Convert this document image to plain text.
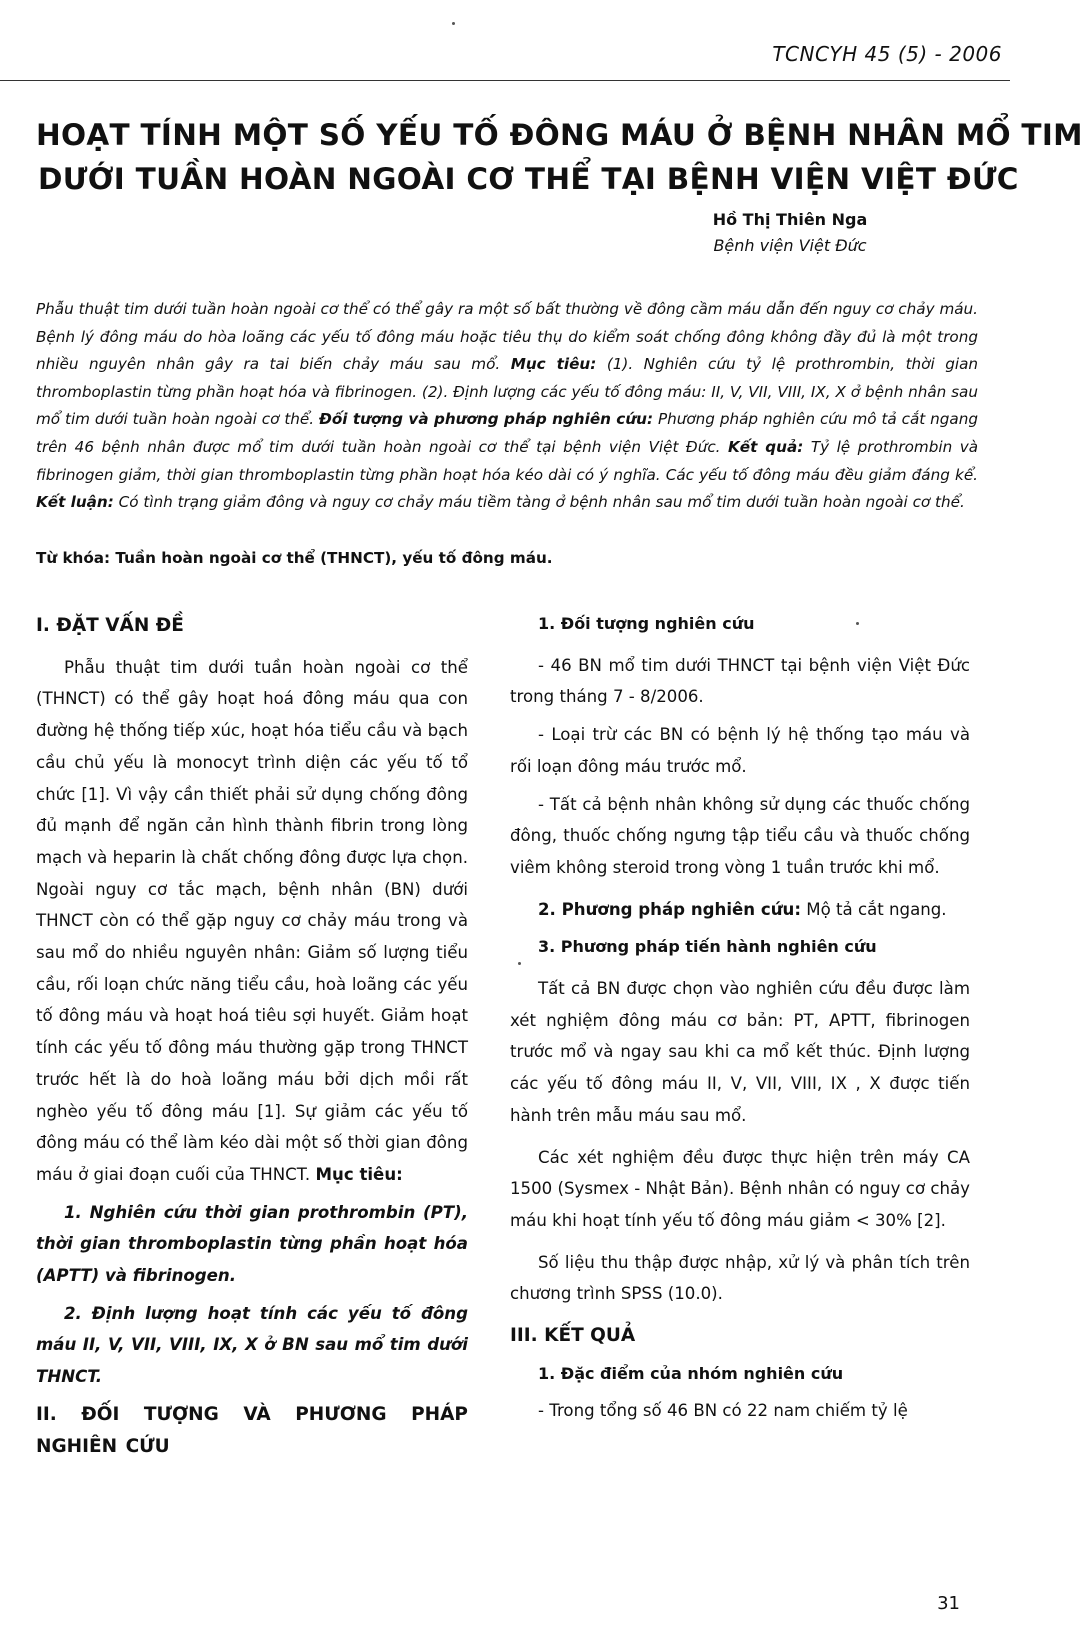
TCNCYH 45 (5) - 2006
HOẠT TÍNH MỘT SỐ YẾU TỐ ĐÔNG MÁU Ở BỆNH NHÂN MỔ TIM
DƯỚI TUẦN HOÀN NGOÀI CƠ THỂ TẠI BỆNH VIỆN VIỆT ĐỨC
Hồ Thị Thiên Nga
Bệnh viện Việt Đức
Phẫu thuật tim dưới tuần hoàn ngoài cơ thể có thể gây ra một số bất thường về đông cầm máu dẫn đến nguy cơ chảy máu. Bệnh lý đông máu do hòa loãng các yếu tố đông máu hoặc tiêu thụ do kiểm soát chống đông không đầy đủ là một trong nhiều nguyên nhân gây ra tai biến chảy máu sau mổ. Mục tiêu: (1). Nghiên cứu tỷ lệ prothrombin, thời gian thromboplastin từng phần hoạt hóa và fibrinogen. (2). Định lượng các yếu tố đông máu: II, V, VII, VIII, IX, X ở bệnh nhân sau mổ tim dưới tuần hoàn ngoài cơ thể. Đối tượng và phương pháp nghiên cứu: Phương pháp nghiên cứu mô tả cắt ngang trên 46 bệnh nhân được mổ tim dưới tuần hoàn ngoài cơ thể tại bệnh viện Việt Đức. Kết quả: Tỷ lệ prothrombin và fibrinogen giảm, thời gian thromboplastin từng phần hoạt hóa kéo dài có ý nghĩa. Các yếu tố đông máu đều giảm đáng kể. Kết luận: Có tình trạng giảm đông và nguy cơ chảy máu tiềm tàng ở bệnh nhân sau mổ tim dưới tuần hoàn ngoài cơ thể.
Từ khóa: Tuần hoàn ngoài cơ thể (THNCT), yếu tố đông máu.

I. ĐẶT VẤN ĐỀ

Phẫu thuật tim dưới tuần hoàn ngoài cơ thể (THNCT) có thể gây hoạt hoá đông máu qua con đường hệ thống tiếp xúc, hoạt hóa tiểu cầu và bạch cầu chủ yếu là monocyt trình diện các yếu tố tổ chức [1]. Vì vậy cần thiết phải sử dụng chống đông đủ mạnh để ngăn cản hình thành fibrin trong lòng mạch và heparin là chất chống đông được lựa chọn. Ngoài nguy cơ tắc mạch, bệnh nhân (BN) dưới THNCT còn có thể gặp nguy cơ chảy máu trong và sau mổ do nhiều nguyên nhân: Giảm số lượng tiểu cầu, rối loạn chức năng tiểu cầu, hoà loãng các yếu tố đông máu và hoạt hoá tiêu sợi huyết. Giảm hoạt tính các yếu tố đông máu thường gặp trong THNCT trước hết là do hoà loãng máu bởi dịch mồi rất nghèo yếu tố đông máu [1]. Sự giảm các yếu tố đông máu có thể làm kéo dài một số thời gian đông máu ở giai đoạn cuối của THNCT. Mục tiêu:

1. Nghiên cứu thời gian prothrombin (PT), thời gian thromboplastin từng phần hoạt hóa (APTT) và fibrinogen.

2. Định lượng hoạt tính các yếu tố đông máu II, V, VII, VIII, IX, X ở BN sau mổ tim dưới THNCT.

II. ĐỐI TƯỢNG VÀ PHƯƠNG PHÁP NGHIÊN CỨU

1. Đối tượng nghiên cứu

- 46 BN mổ tim dưới THNCT tại bệnh viện Việt Đức trong tháng 7 - 8/2006.

- Loại trừ các BN có bệnh lý hệ thống tạo máu và rối loạn đông máu trước mổ.

- Tất cả bệnh nhân không sử dụng các thuốc chống đông, thuốc chống ngưng tập tiểu cầu và thuốc chống viêm không steroid trong vòng 1 tuần trước khi mổ.

2. Phương pháp nghiên cứu: Mộ tả cắt ngang.

3. Phương pháp tiến hành nghiên cứu

Tất cả BN được chọn vào nghiên cứu đều được làm xét nghiệm đông máu cơ bản: PT, APTT, fibrinogen trước mổ và ngay sau khi ca mổ kết thúc. Định lượng các yếu tố đông máu II, V, VII, VIII, IX , X được tiến hành trên mẫu máu sau mổ.

Các xét nghiệm đều được thực hiện trên máy CA 1500 (Sysmex - Nhật Bản). Bệnh nhân có nguy cơ chảy máu khi hoạt tính yếu tố đông máu giảm < 30% [2].

Số liệu thu thập được nhập, xử lý và phân tích trên chương trình SPSS (10.0).

III. KẾT QUẢ

1. Đặc điểm của nhóm nghiên cứu

- Trong tổng số 46 BN có 22 nam chiếm tỷ lệ

31
